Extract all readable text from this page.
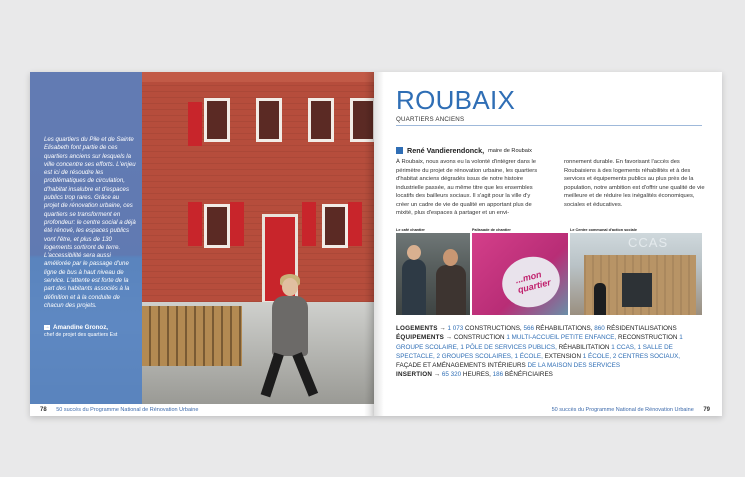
Les quartiers du Pile et de Sainte Elisabeth font partie de ces quartiers anciens sur lesquels la ville concentre ses efforts. L'enjeu est ici de résoudre les problématiques de circulation, d'habitat insalubre et d'espaces publics trop rares. Grâce au projet de rénovation urbaine, ces quartiers se transforment en profondeur: le centre social a déjà été rénové, les espaces publics vont l'être, et plus de 130 logements sortiront de terre. L'accessibilité sera aussi améliorée par le passage d'une ligne de bus à haut niveau de service. L'attente est forte de la part des habitants associés à la définition et à la conduite de chacun des projets.

→ Amandine Gronoz,
chef de projet des quartiers Est
78 50 succès du Programme National de Rénovation Urbaine
ROUBAIX
QUARTIERS ANCIENS
René Vandierendonck, maire de Roubaix

À Roubaix, nous avons eu la volonté d'intégrer dans le périmètre du projet de rénovation urbaine, les quartiers d'habitat anciens dégradés issus de notre histoire industrielle passée, au même titre que les ensembles locatifs des bailleurs sociaux. Il s'agit pour la ville d'y créer un cadre de vie de qualité en apportant plus de mixité, plus d'espaces à partager et un envi-

ronnement durable. En favorisant l'accès des Roubaisiens à des logements réhabilités et à des services et équipements publics au plus près de la population, notre ambition est d'offrir une qualité de vie meilleure et de réduire les inégalités économiques, sociales et éducatives.

Le café chantier	Palissade de chantier	Le Centre communal d'action sociale
...mon quartier
CCAS

LOGEMENTS → 1 073 CONSTRUCTIONS, 566 RÉHABILITATIONS, 860 RÉSIDENTIALISATIONS

ÉQUIPEMENTS → CONSTRUCTION 1 MULTI-ACCUEIL PETITE ENFANCE, RECONSTRUCTION 1 GROUPE SCOLAIRE, 1 PÔLE DE SERVICES PUBLICS, RÉHABILITATION 1 CCAS, 1 SALLE DE SPECTACLE, 2 GROUPES SCOLAIRES, 1 ÉCOLE, EXTENSION 1 ÉCOLE, 2 CENTRES SOCIAUX, FAÇADE ET AMÉNAGEMENTS INTÉRIEURS DE LA MAISON DES SERVICES

INSERTION → 65 320 HEURES, 186 BÉNÉFICIAIRES

50 succès du Programme National de Rénovation Urbaine 79
